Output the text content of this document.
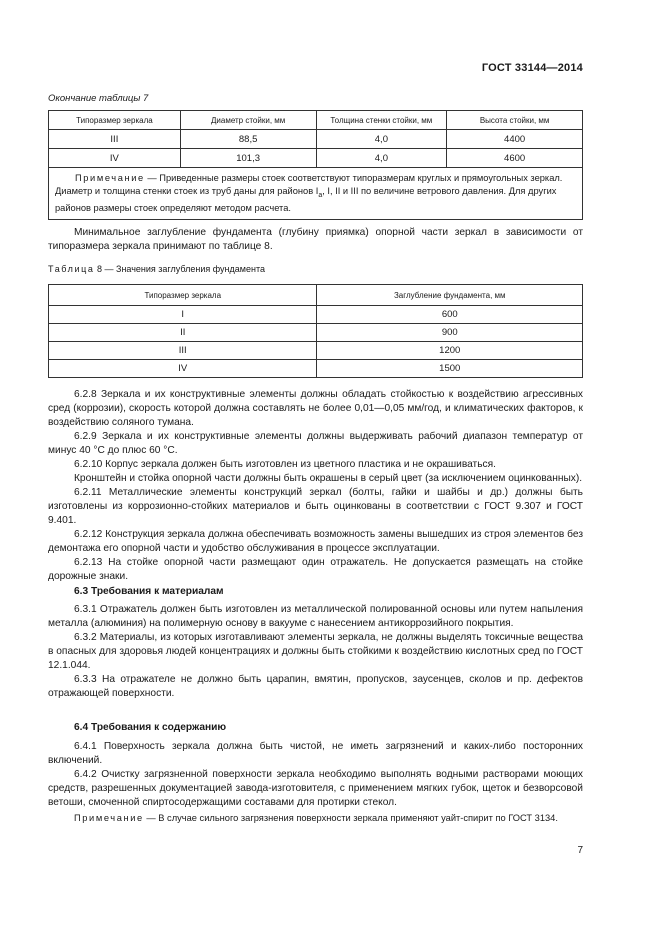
ГОСТ 33144—2014
Окончание таблицы 7
Типоразмер зеркала	Диаметр стойки, мм	Толщина стенки стойки, мм	Высота стойки, мм
III	88,5	4,0	4400
IV	101,3	4,0	4600
Примечание — Приведенные размеры стоек соответствуют типоразмерам круглых и прямоугольных зеркал. Диаметр и толщина стенки стоек из труб даны для районов $I_а$, I, II и III по величине ветрового давления. Для других районов размеры стоек определяют методом расчета.			
Минимальное заглубление фундамента (глубину приямка) опорной части зеркал в зависимости от типоразмера зеркала принимают по таблице 8.
Таблица 8 — Значения заглубления фундамента
Типоразмер зеркала	Заглубление фундамента, мм
I	600
II	900
III	1200
IV	1500

6.2.8 Зеркала и их конструктивные элементы должны обладать стойкостью к воздействию агрессивных сред (коррозии), скорость которой должна составлять не более 0,01—0,05 мм/год, и климатических факторов, к воздействию соляного тумана.

6.2.9 Зеркала и их конструктивные элементы должны выдерживать рабочий диапазон температур от минус 40 °С до плюс 60 °С.

6.2.10 Корпус зеркала должен быть изготовлен из цветного пластика и не окрашиваться.

Кронштейн и стойка опорной части должны быть окрашены в серый цвет (за исключением оцинкованных).

6.2.11 Металлические элементы конструкций зеркал (болты, гайки и шайбы и др.) должны быть изготовлены из коррозионно-стойких материалов и быть оцинкованы в соответствии с ГОСТ 9.307 и ГОСТ 9.401.

6.2.12 Конструкция зеркала должна обеспечивать возможность замены вышедших из строя элементов без демонтажа его опорной части и удобство обслуживания в процессе эксплуатации.

6.2.13 На стойке опорной части размещают один отражатель. Не допускается размещать на стойке дорожные знаки.

6.3 Требования к материалам

6.3.1 Отражатель должен быть изготовлен из металлической полированной основы или путем напыления металла (алюминия) на полимерную основу в вакууме с нанесением антикоррозийного покрытия.

6.3.2 Материалы, из которых изготавливают элементы зеркала, не должны выделять токсичные вещества в опасных для здоровья людей концентрациях и должны быть стойкими к воздействию кислотных сред по ГОСТ 12.1.044.

6.3.3 На отражателе не должно быть царапин, вмятин, пропусков, заусенцев, сколов и пр. дефектов отражающей поверхности.

6.4 Требования к содержанию

6.4.1 Поверхность зеркала должна быть чистой, не иметь загрязнений и каких-либо посторонних включений.

6.4.2 Очистку загрязненной поверхности зеркала необходимо выполнять водными растворами моющих средств, разрешенных документацией завода-изготовителя, с применением мягких губок, щеток и безворсовой ветоши, смоченной спиртосодержащими составами для протирки стекол.

Примечание — В случае сильного загрязнения поверхности зеркала применяют уайт-спирит по ГОСТ 3134.
7
